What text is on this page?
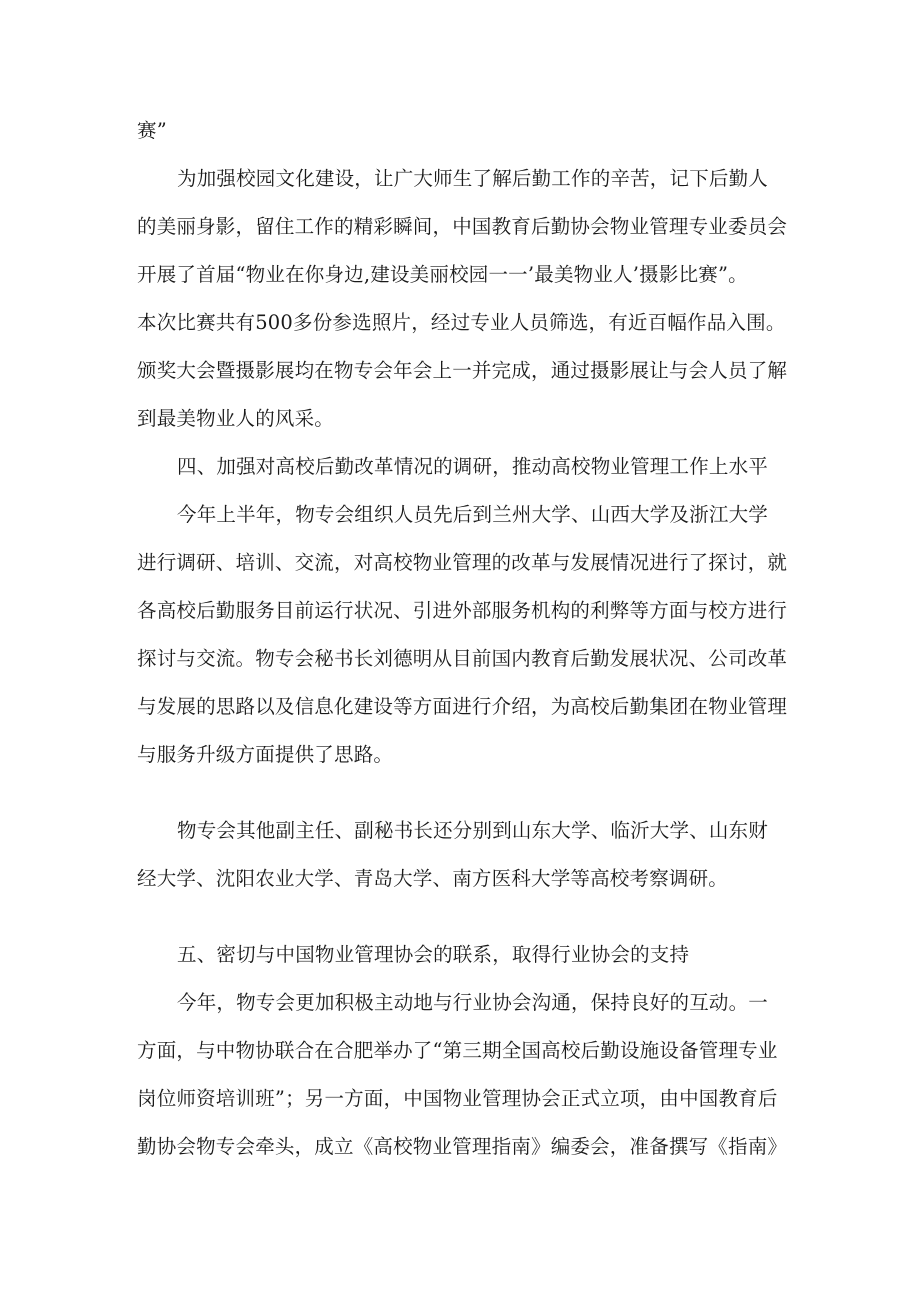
赛”
为加强校园文化建设，让广大师生了解后勤工作的辛苦，记下后勤人
的美丽身影，留住工作的精彩瞬间，中国教育后勤协会物业管理专业委员会
开展了首届“物业在你身边,建设美丽校园一一’最美物业人’摄影比赛”。
本次比赛共有500多份参选照片，经过专业人员筛选，有近百幅作品入围。
颁奖大会暨摄影展均在物专会年会上一并完成，通过摄影展让与会人员了解
到最美物业人的风采。
四、加强对高校后勤改革情况的调研，推动高校物业管理工作上水平
今年上半年，物专会组织人员先后到兰州大学、山西大学及浙江大学
进行调研、培训、交流，对高校物业管理的改革与发展情况进行了探讨，就
各高校后勤服务目前运行状况、引进外部服务机构的利弊等方面与校方进行
探讨与交流。物专会秘书长刘德明从目前国内教育后勤发展状况、公司改革
与发展的思路以及信息化建设等方面进行介绍，为高校后勤集团在物业管理
与服务升级方面提供了思路。
物专会其他副主任、副秘书长还分别到山东大学、临沂大学、山东财
经大学、沈阳农业大学、青岛大学、南方医科大学等高校考察调研。
五、密切与中国物业管理协会的联系，取得行业协会的支持
今年，物专会更加积极主动地与行业协会沟通，保持良好的互动。一
方面，与中物协联合在合肥举办了“第三期全国高校后勤设施设备管理专业
岗位师资培训班”；另一方面，中国物业管理协会正式立项，由中国教育后
勤协会物专会牵头，成立《高校物业管理指南》编委会，准备撰写《指南》
